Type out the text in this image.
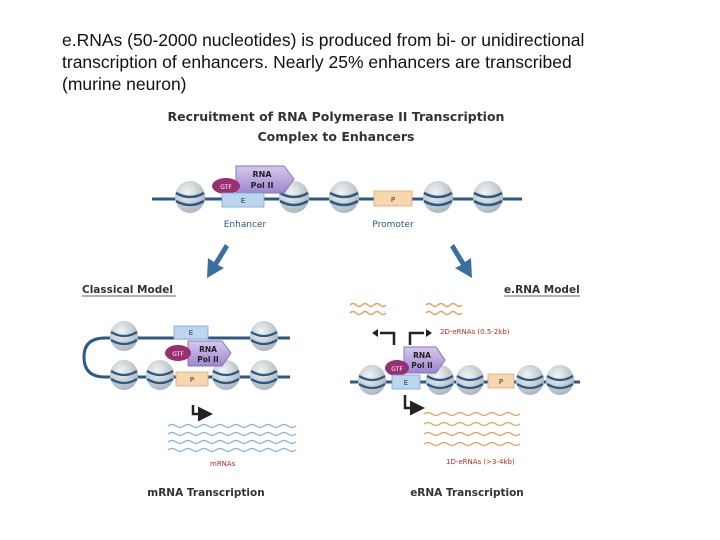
e.RNAs (50-2000 nucleotides) is produced from bi- or unidirectional
transcription of enhancers. Nearly 25% enhancers are transcribed
(murine neuron)
Recruitment of RNA Polymerase II Transcription
Complex to Enhancers
RNA
Pol II
GTF
E
Enhancer
P
Promoter
Classical Model
E
RNA
Pol II
GTF
P
mRNAs
mRNA Transcription
e.RNA Model
2D-eRNAs (0.5-2kb)
RNA
Pol II
GTF
E	P
1D-eRNAs (>3-4kb)
eRNA Transcription
